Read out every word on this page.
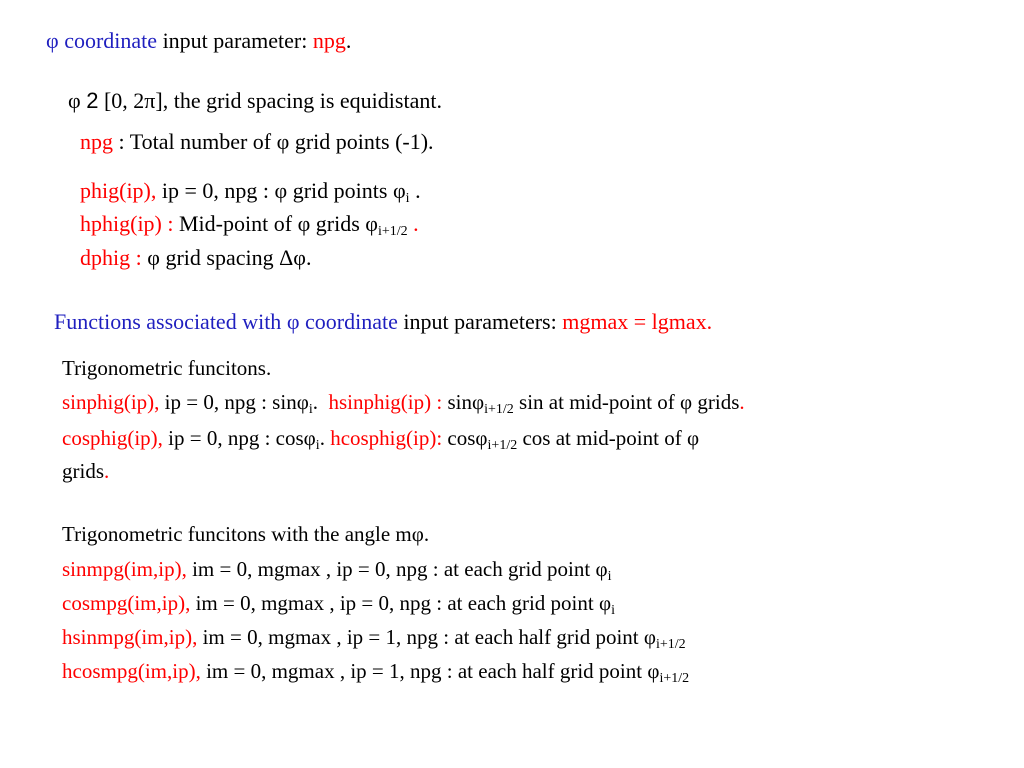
φ coordinate input parameter: npg.
φ 2 [0, 2π], the grid spacing is equidistant.
npg : Total number of φ grid points (-1).
phig(ip), ip = 0, npg : φ grid points $\varphi_i$ .
hphig(ip) : Mid-point of φ grids $\varphi_{i+1/2}$ .
dphig : φ grid spacing Δφ.
Functions associated with φ coordinate input parameters: mgmax = lgmax.
Trigonometric funcitons.
sinphig(ip), ip = 0, npg : sinφ$_i$. hsinphig(ip) : sinφ$_{i+1/2}$ sin at mid-point of φ grids.
cosphig(ip), ip = 0, npg : cosφ$_i$. hcosphig(ip): cosφ$_{i+1/2}$ cos at mid-point of φ
grids.
Trigonometric funcitons with the angle mφ.
sinmpg(im,ip), im = 0, mgmax , ip = 0, npg : at each grid point $\varphi_i$
cosmpg(im,ip), im = 0, mgmax , ip = 0, npg : at each grid point $\varphi_i$
hsinmpg(im,ip), im = 0, mgmax , ip = 1, npg : at each half grid point $\varphi_{i+1/2}$
hcosmpg(im,ip), im = 0, mgmax , ip = 1, npg : at each half grid point $\varphi_{i+1/2}$
